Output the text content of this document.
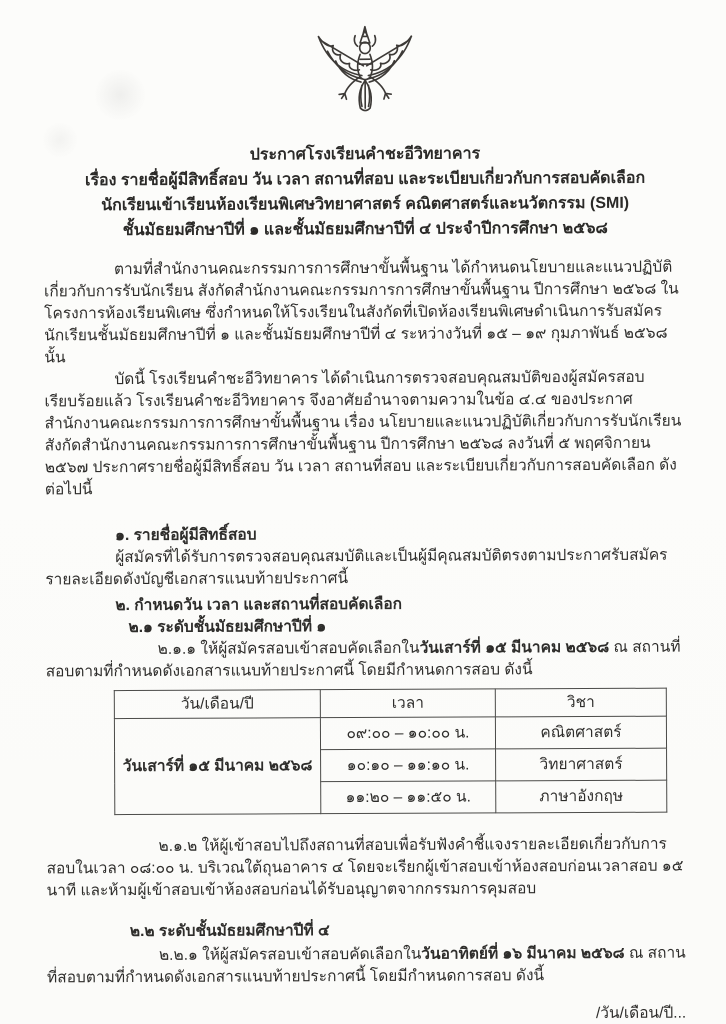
ประกาศโรงเรียนคำชะอีวิทยาคาร
เรื่อง รายชื่อผู้มีสิทธิ์สอบ วัน เวลา สถานที่สอบ และระเบียบเกี่ยวกับการสอบคัดเลือก
นักเรียนเข้าเรียนห้องเรียนพิเศษวิทยาศาสตร์ คณิตศาสตร์และนวัตกรรม (SMI)
ชั้นมัธยมศึกษาปีที่ ๑ และชั้นมัธยมศึกษาปีที่ ๔ ประจำปีการศึกษา ๒๕๖๘

ตามที่สำนักงานคณะกรรมการการศึกษาขั้นพื้นฐาน ได้กำหนดนโยบายและแนวปฏิบัติเกี่ยวกับการรับนักเรียน สังกัดสำนักงานคณะกรรมการการศึกษาขั้นพื้นฐาน ปีการศึกษา ๒๕๖๘ ในโครงการห้องเรียนพิเศษ ซึ่งกำหนดให้โรงเรียนในสังกัดที่เปิดห้องเรียนพิเศษดำเนินการรับสมัครนักเรียนชั้นมัธยมศึกษาปีที่ ๑ และชั้นมัธยมศึกษาปีที่ ๔ ระหว่างวันที่ ๑๕ – ๑๙ กุมภาพันธ์ ๒๕๖๘ นั้น

บัดนี้ โรงเรียนคำชะอีวิทยาคาร ได้ดำเนินการตรวจสอบคุณสมบัติของผู้สมัครสอบเรียบร้อยแล้ว โรงเรียนคำชะอีวิทยาคาร จึงอาศัยอำนาจตามความในข้อ ๔.๔ ของประกาศสำนักงานคณะกรรมการการศึกษาขั้นพื้นฐาน เรื่อง นโยบายและแนวปฏิบัติเกี่ยวกับการรับนักเรียนสังกัดสำนักงานคณะกรรมการการศึกษาขั้นพื้นฐาน ปีการศึกษา ๒๕๖๘ ลงวันที่ ๕ พฤศจิกายน ๒๕๖๗ ประกาศรายชื่อผู้มีสิทธิ์สอบ วัน เวลา สถานที่สอบ และระเบียบเกี่ยวกับการสอบคัดเลือก ดังต่อไปนี้

๑. รายชื่อผู้มีสิทธิ์สอบ

ผู้สมัครที่ได้รับการตรวจสอบคุณสมบัติและเป็นผู้มีคุณสมบัติตรงตามประกาศรับสมัคร รายละเอียดดังบัญชีเอกสารแนบท้ายประกาศนี้

๒. กำหนดวัน เวลา และสถานที่สอบคัดเลือก

๒.๑ ระดับชั้นมัธยมศึกษาปีที่ ๑

๒.๑.๑ ให้ผู้สมัครสอบเข้าสอบคัดเลือกในวันเสาร์ที่ ๑๕ มีนาคม ๒๕๖๘ ณ สถานที่สอบตามที่กำหนดดังเอกสารแนบท้ายประกาศนี้ โดยมีกำหนดการสอบ ดังนี้

วัน/เดือน/ปี	เวลา	วิชา
วันเสาร์ที่ ๑๕ มีนาคม ๒๕๖๘	๐๙:๐๐ – ๑๐:๐๐ น.	คณิตศาสตร์
	๑๐:๑๐ – ๑๑:๑๐ น.	วิทยาศาสตร์
	๑๑:๒๐ – ๑๑:๕๐ น.	ภาษาอังกฤษ

๒.๑.๒ ให้ผู้เข้าสอบไปถึงสถานที่สอบเพื่อรับฟังคำชี้แจงรายละเอียดเกี่ยวกับการสอบในเวลา ๐๘:๐๐ น. บริเวณใต้ถุนอาคาร ๔ โดยจะเรียกผู้เข้าสอบเข้าห้องสอบก่อนเวลาสอบ ๑๕ นาที และห้ามผู้เข้าสอบเข้าห้องสอบก่อนได้รับอนุญาตจากกรรมการคุมสอบ

๒.๒ ระดับชั้นมัธยมศึกษาปีที่ ๔

๒.๒.๑ ให้ผู้สมัครสอบเข้าสอบคัดเลือกในวันอาทิตย์ที่ ๑๖ มีนาคม ๒๕๖๘ ณ สถานที่สอบตามที่กำหนดดังเอกสารแนบท้ายประกาศนี้ โดยมีกำหนดการสอบ ดังนี้

/วัน/เดือน/ปี...
